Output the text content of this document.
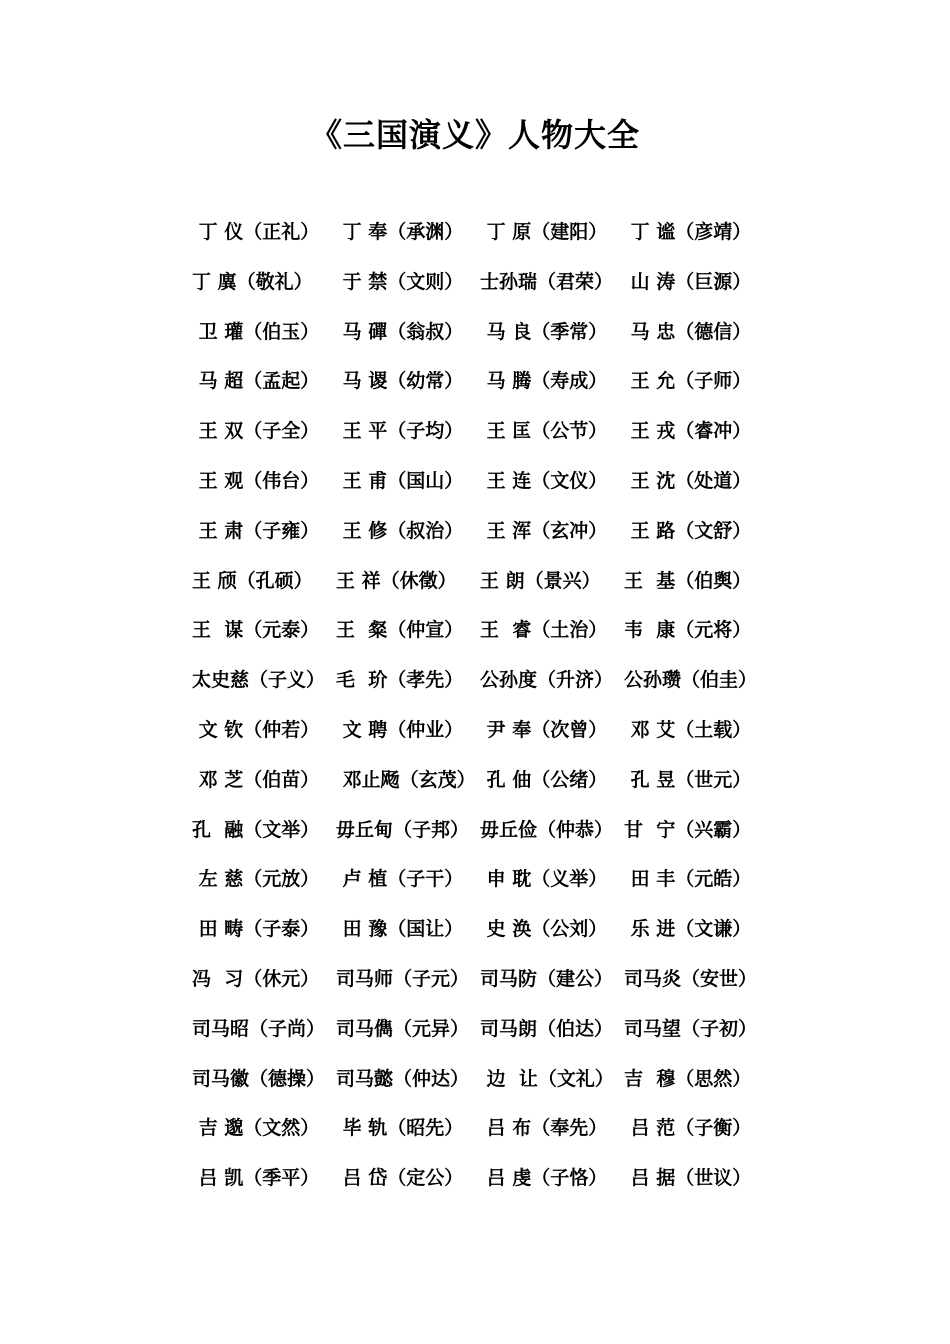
《三国演义》人物大全
丁 仪（正礼） 丁 奉（承渊） 丁 原（建阳） 丁 谧（彦靖）
丁 廙（敬礼）	于 禁（文则） 士孙瑞（君荣） 山 涛（巨源）
卫 瓘（伯玉） 马 磾（翁叔） 马 良（季常） 马 忠（德信）
马 超（孟起） 马 谡（幼常） 马 腾（寿成） 王 允（子师）
王 双（子全） 王 平（子均） 王 匡（公节） 王 戎（睿冲）
王 观（伟台） 王 甫（国山） 王 连（文仪） 王 沈（处道）
王 肃（子雍） 王 修（叔治） 王 浑（玄冲） 王 路（文舒）
王 颀（孔硕）	王 祥（休徵）	王 朗（景兴）	王  基（伯舆）
王  谋（元泰） 王  粲（仲宣） 王  睿（土治） 韦  康（元将）
太史慈（子义） 毛  玠（孝先） 公孙度（升济） 公孙瓒（伯圭）
文 钦（仲若） 文 聘（仲业） 尹 奉（次曾） 邓 艾（土载）
邓 芝（伯苗） 邓止飏（玄茂） 孔 伷（公绪） 孔 昱（世元）
孔  融（文举） 毋丘甸（子邦） 毋丘俭（仲恭） 甘  宁（兴霸）
左 慈（元放） 卢 植（子干） 申 耽（义举） 田 丰（元皓）
田 畴（子泰） 田 豫（国让） 史 涣（公刘） 乐 进（文谦）
冯  习（休元） 司马师（子元） 司马防（建公） 司马炎（安世）
司马昭（子尚） 司马儁（元异） 司马朗（伯达） 司马望（子初）
司马徽（德操） 司马懿（仲达） 边  让（文礼） 吉  穆（思然）
吉 邈（文然） 毕 轨（昭先） 吕 布（奉先） 吕 范（子衡）
吕 凯（季平） 吕 岱（定公） 吕 虔（子恪） 吕 据（世议）
